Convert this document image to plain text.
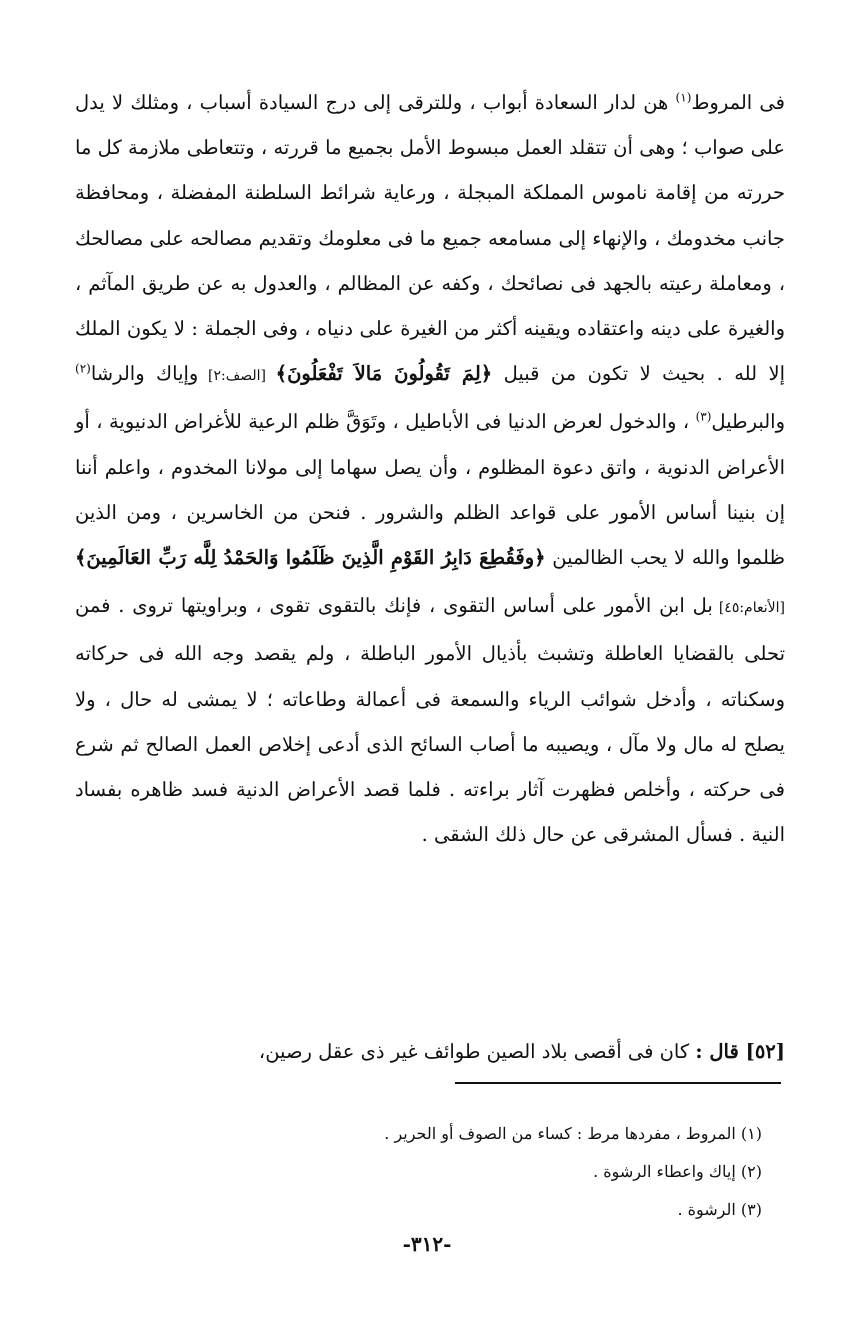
فى المروط$^{(١)}$ هن لدار السعادة أبواب ، وللترقى إلى درج السيادة أسباب ، ومثلك لا يدل على صواب ؛ وهى أن تتقلد العمل مبسوط الأمل بجميع ما قررته ، وتتعاطى ملازمة كل ما حررته من إقامة ناموس المملكة المبجلة ، ورعاية شرائط السلطنة المفضلة ، ومحافظة جانب مخدومك ، والإنهاء إلى مسامعه جميع ما فى معلومك وتقديم مصالحه على مصالحك ، ومعاملة رعيته بالجهد فى نصائحك ، وكفه عن المظالم ، والعدول به عن طريق المآثم ، والغيرة على دينه واعتقاده ويقينه أكثر من الغيرة على دنياه ، وفى الجملة : لا يكون الملك إلا لله . بحيث لا تكون من قبيل ﴿لِمَ تَقُولُونَ مَالاَ تَفْعَلُونَ﴾ [الصف:٢] وإياك والرشا$^{(٢)}$ والبرطيل$^{(٣)}$ ، والدخول لعرض الدنيا فى الأباطيل ، وتَوَقَّ ظلم الرعية للأغراض الدنيوية ، أو الأعراض الدنوية ، واتق دعوة المظلوم ، وأن يصل سهاما إلى مولانا المخدوم ، واعلم أننا إن بنينا أساس الأمور على قواعد الظلم والشرور . فنحن من الخاسرين ، ومن الذين ظلموا والله لا يحب الظالمين ﴿وفَقُطِعَ دَابِرُ القَوْمِ الَّذِينَ ظَلَمُوا وَالحَمْدُ لِلَّه رَبِّ العَالَمِينَ﴾ [الأنعام:٤٥] بل ابن الأمور على أساس التقوى ، فإنك بالتقوى تقوى ، وبراويتها تروى . فمن تحلى بالقضايا العاطلة وتشبث بأذيال الأمور الباطلة ، ولم يقصد وجه الله فى حركاته وسكناته ، وأدخل شوائب الرياء والسمعة فى أعمالة وطاعاته ؛ لا يمشى له حال ، ولا يصلح له مال ولا مآل ، ويصيبه ما أصاب السائح الذى أدعى إخلاص العمل الصالح ثم شرع فى حركته ، وأخلص فظهرت آثار براءته . فلما قصد الأعراض الدنية فسد ظاهره بفساد النية . فسأل المشرقى عن حال ذلك الشقى .

[٥٢] قال : كان فى أقصى بلاد الصين طوائف غير ذى عقل رصين،
(١) المروط ، مفردها مرط : كساء من الصوف أو الحرير .
(٢) إياك واعطاء الرشوة .
(٣) الرشوة .
-٣١٢-
